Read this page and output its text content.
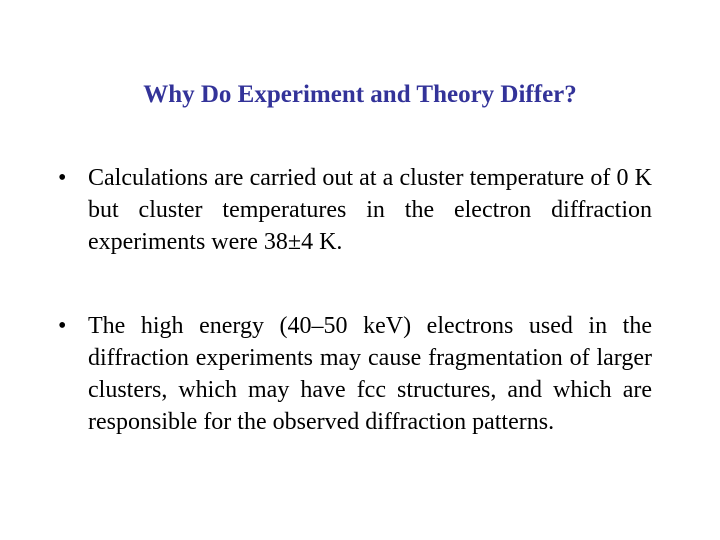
Why Do Experiment and Theory Differ?
• Calculations are carried out at a cluster temperature of 0 K but cluster temperatures in the electron diffraction experiments were 38±4 K.
• The high energy (40–50 keV) electrons used in the diffraction experiments may cause fragmentation of larger clusters, which may have fcc structures, and which are responsible for the observed diffraction patterns.
